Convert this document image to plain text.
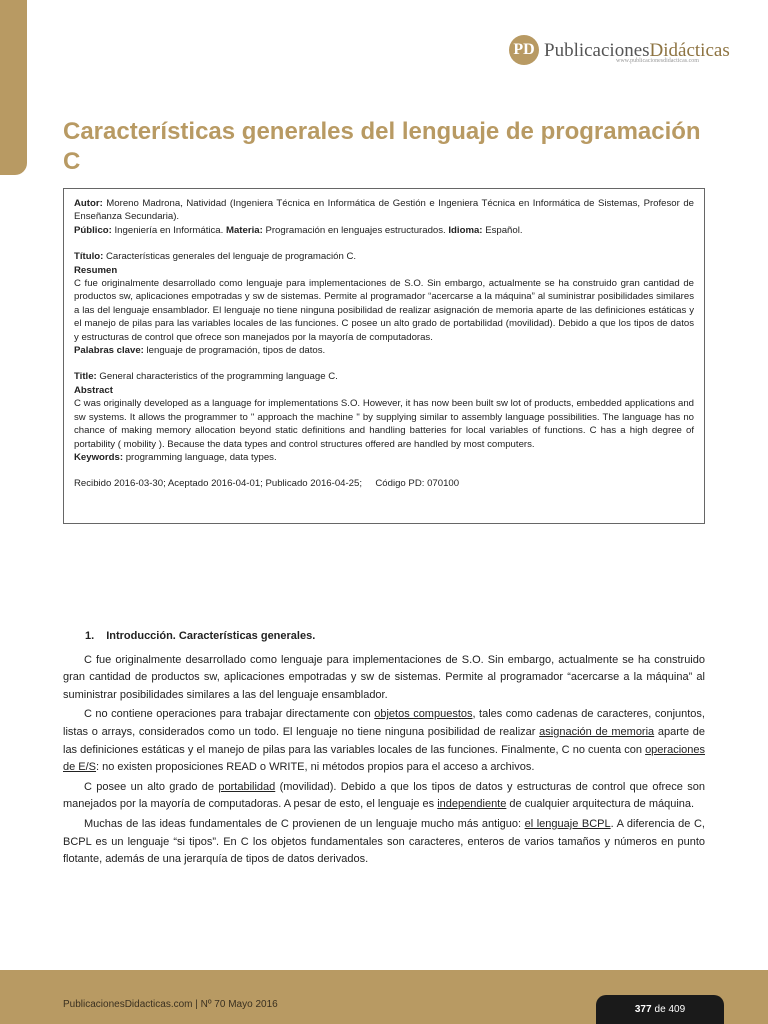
PD PublicacionesDidácticas
www.publicacionesdidacticas.com
Características generales del lenguaje de programación C

Autor: Moreno Madrona, Natividad (Ingeniera Técnica en Informática de Gestión e Ingeniera Técnica en Informática de Sistemas, Profesor de Enseñanza Secundaria).

Público: Ingeniería en Informática. Materia: Programación en lenguajes estructurados. Idioma: Español.

Título: Características generales del lenguaje de programación C.

Resumen

C fue originalmente desarrollado como lenguaje para implementaciones de S.O. Sin embargo, actualmente se ha construido gran cantidad de productos sw, aplicaciones empotradas y sw de sistemas. Permite al programador “acercarse a la máquina” al suministrar posibilidades similares a las del lenguaje ensamblador. El lenguaje no tiene ninguna posibilidad de realizar asignación de memoria aparte de las definiciones estáticas y el manejo de pilas para las variables locales de las funciones. C posee un alto grado de portabilidad (movilidad). Debido a que los tipos de datos y estructuras de control que ofrece son manejados por la mayoría de computadoras.

Palabras clave: lenguaje de programación, tipos de datos.

Title: General characteristics of the programming language C.

Abstract

C was originally developed as a language for implementations S.O. However, it has now been built sw lot of products, embedded applications and sw systems. It allows the programmer to " approach the machine " by supplying similar to assembly language possibilities. The language has no chance of making memory allocation beyond static definitions and handling batteries for local variables of functions. C has a high degree of portability ( mobility ). Because the data types and control structures offered are handled by most computers.

Keywords: programming language, data types.

Recibido 2016-03-30; Aceptado 2016-04-01; Publicado 2016-04-25; Código PD: 070100

1. Introducción. Características generales.

C fue originalmente desarrollado como lenguaje para implementaciones de S.O. Sin embargo, actualmente se ha construido gran cantidad de productos sw, aplicaciones empotradas y sw de sistemas. Permite al programador “acercarse a la máquina” al suministrar posibilidades similares a las del lenguaje ensamblador.

C no contiene operaciones para trabajar directamente con objetos compuestos, tales como cadenas de caracteres, conjuntos, listas o arrays, considerados como un todo. El lenguaje no tiene ninguna posibilidad de realizar asignación de memoria aparte de las definiciones estáticas y el manejo de pilas para las variables locales de las funciones. Finalmente, C no cuenta con operaciones de E/S: no existen proposiciones READ o WRITE, ni métodos propios para el acceso a archivos.

C posee un alto grado de portabilidad (movilidad). Debido a que los tipos de datos y estructuras de control que ofrece son manejados por la mayoría de computadoras. A pesar de esto, el lenguaje es independiente de cualquier arquitectura de máquina.

Muchas de las ideas fundamentales de C provienen de un lenguaje mucho más antiguo: el lenguaje BCPL. A diferencia de C, BCPL es un lenguaje “si tipos”. En C los objetos fundamentales son caracteres, enteros de varios tamaños y números en punto flotante, además de una jerarquía de tipos de datos derivados.

PublicacionesDidacticas.com | Nº 70 Mayo 2016	377 de 409
